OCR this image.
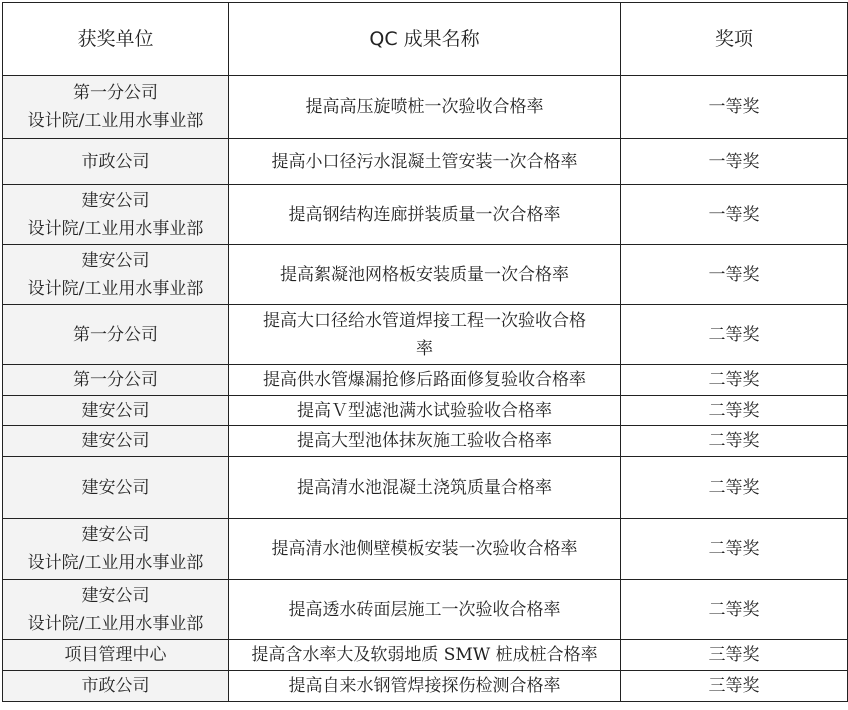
获奖单位	QC 成果名称	奖项

第一分公司
设计院/工业用水事业部	提高高压旋喷桩一次验收合格率	一等奖

市政公司	提高小口径污水混凝土管安装一次合格率	一等奖

建安公司
设计院/工业用水事业部	提高钢结构连廊拼装质量一次合格率	一等奖

建安公司
设计院/工业用水事业部	提高絮凝池网格板安装质量一次合格率	一等奖

第一分公司	提高大口径给水管道焊接工程一次验收合格
率	二等奖

第一分公司	提高供水管爆漏抢修后路面修复验收合格率	二等奖

建安公司	提高Ｖ型滤池满水试验验收合格率	二等奖

建安公司	提高大型池体抹灰施工验收合格率	二等奖

建安公司	提高清水池混凝土浇筑质量合格率	二等奖

建安公司
设计院/工业用水事业部	提高清水池侧壁模板安装一次验收合格率	二等奖

建安公司
设计院/工业用水事业部	提高透水砖面层施工一次验收合格率	二等奖

项目管理中心	提高含水率大及软弱地质 SMW 桩成桩合格率	三等奖

市政公司	提高自来水钢管焊接探伤检测合格率	三等奖
